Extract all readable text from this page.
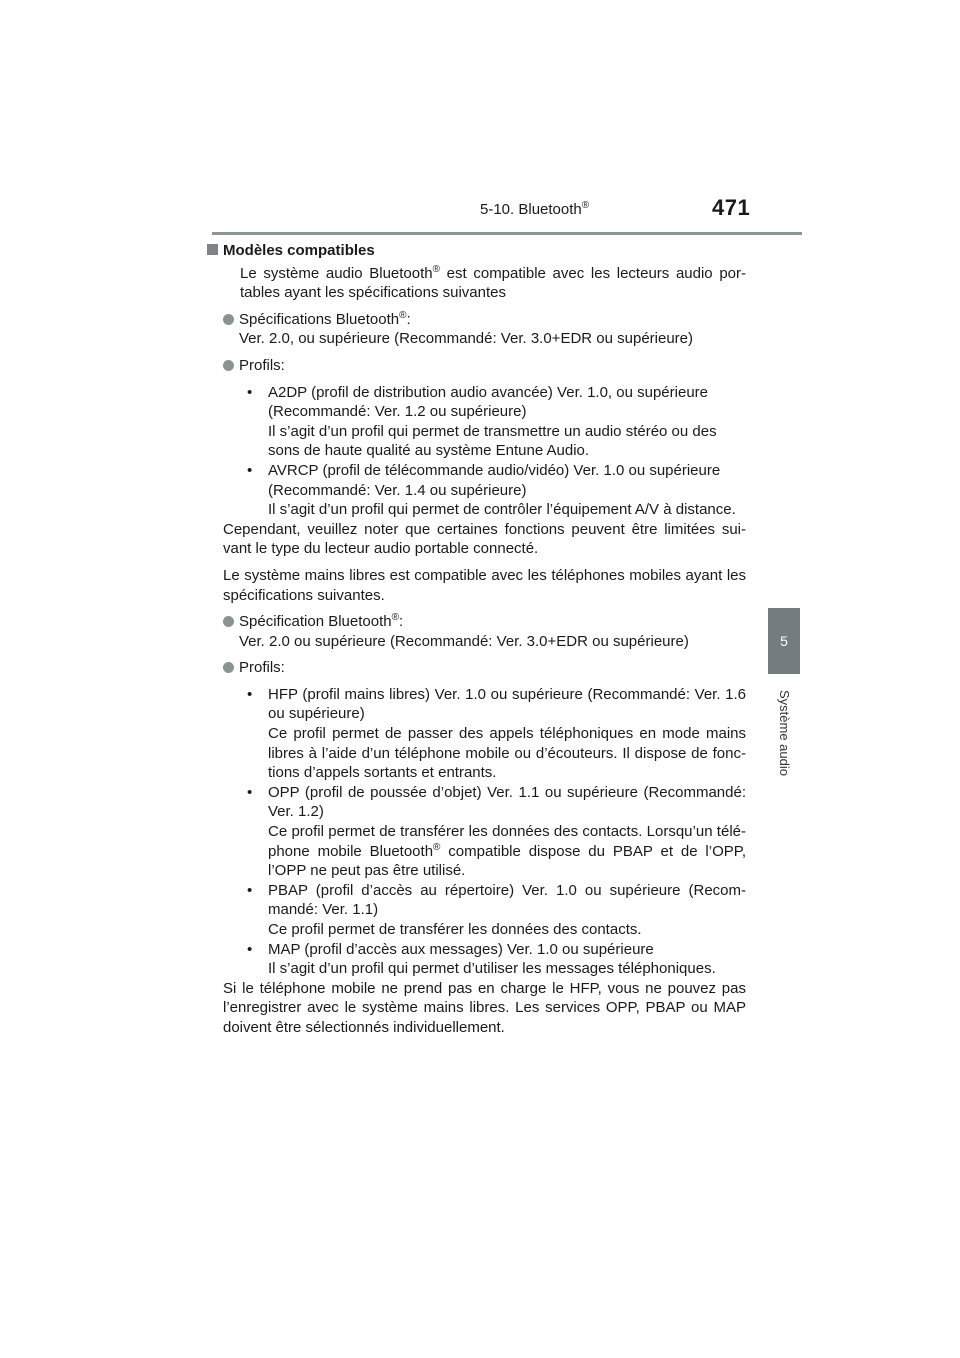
5-10. Bluetooth®	471
5
Système audio

Modèles compatibles

Le système audio Bluetooth® est compatible avec les lecteurs audio por- tables ayant les spécifications suivantes

Spécifications Bluetooth®:
Ver. 2.0, ou supérieure (Recommandé: Ver. 3.0+EDR ou supérieure)
Profils:
•	A2DP (profil de distribution audio avancée) Ver. 1.0, ou supérieure (Recommandé: Ver. 1.2 ou supérieure)
Il s’agit d’un profil qui permet de transmettre un audio stéréo ou des sons de haute qualité au système Entune Audio.
•	AVRCP (profil de télécommande audio/vidéo) Ver. 1.0 ou supérieure (Recommandé: Ver. 1.4 ou supérieure)
Il s’agit d’un profil qui permet de contrôler l’équipement A/V à distance.

Cependant, veuillez noter que certaines fonctions peuvent être limitées sui- vant le type du lecteur audio portable connecté.

Le système mains libres est compatible avec les téléphones mobiles ayant les spécifications suivantes.

Spécification Bluetooth®:
Ver. 2.0 ou supérieure (Recommandé: Ver. 3.0+EDR ou supérieure)
Profils:
•	HFP (profil mains libres) Ver. 1.0 ou supérieure (Recommandé: Ver. 1.6 ou supérieure)
Ce profil permet de passer des appels téléphoniques en mode mains libres à l’aide d’un téléphone mobile ou d’écouteurs. Il dispose de fonc- tions d’appels sortants et entrants.
•	OPP (profil de poussée d’objet) Ver. 1.1 ou supérieure (Recommandé: Ver. 1.2)
Ce profil permet de transférer les données des contacts. Lorsqu’un télé- phone mobile Bluetooth® compatible dispose du PBAP et de l’OPP, l’OPP ne peut pas être utilisé.
•	PBAP (profil d’accès au répertoire) Ver. 1.0 ou supérieure (Recom- mandé: Ver. 1.1)
Ce profil permet de transférer les données des contacts.
•	MAP (profil d’accès aux messages) Ver. 1.0 ou supérieure
Il s’agit d’un profil qui permet d’utiliser les messages téléphoniques.

Si le téléphone mobile ne prend pas en charge le HFP, vous ne pouvez pas l’enregistrer avec le système mains libres. Les services OPP, PBAP ou MAP doivent être sélectionnés individuellement.
